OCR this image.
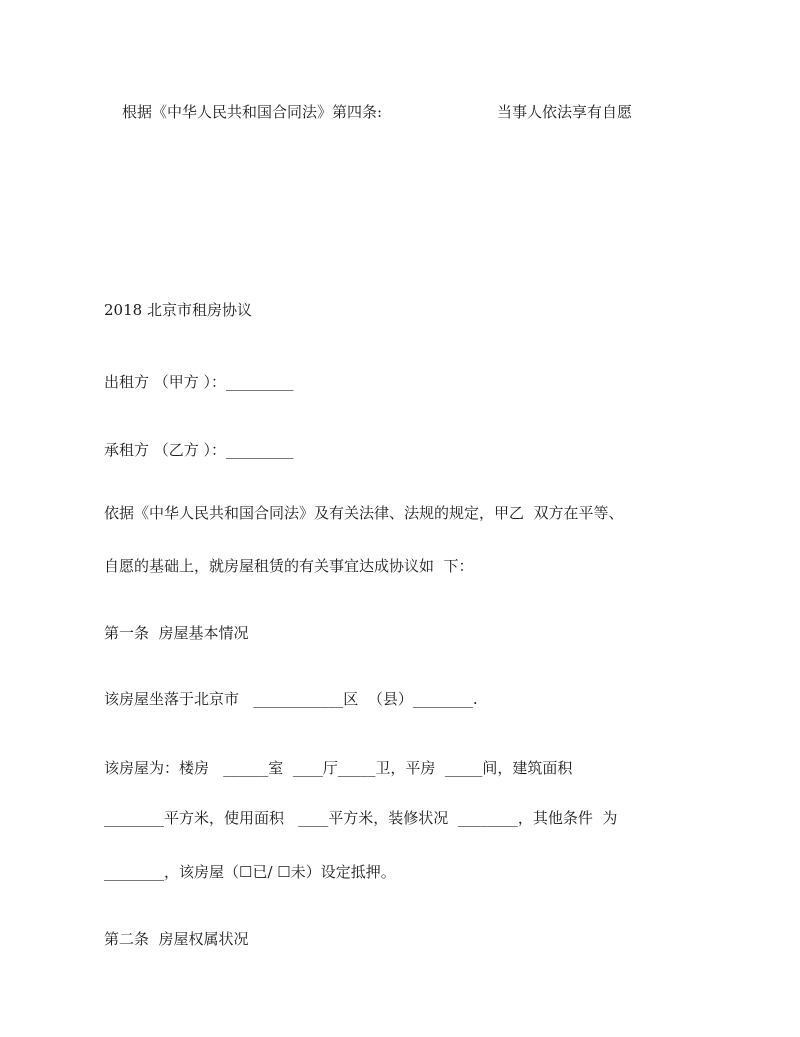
根据《中华人民共和国合同法》第四条:	当事人依法享有自愿
2018 北京市租房协议
出租方 （甲方 ）：_________
承租方 （乙方 ）：_________
依据《中华人民共和国合同法》及有关法律、法规的规定，甲乙  双方在平等、
自愿的基础上，就房屋租赁的有关事宜达成协议如  下：
第一条  房屋基本情况
该房屋坐落于北京市   ____________区  （县）________.
该房屋为：楼房   ______室  ____厅_____卫，平房  _____间，建筑面积
________平方米，使用面积   ____平方米，装修状况  ________，其他条件  为
________，该房屋（☐已/ ☐未）设定抵押。
第二条  房屋权属状况
